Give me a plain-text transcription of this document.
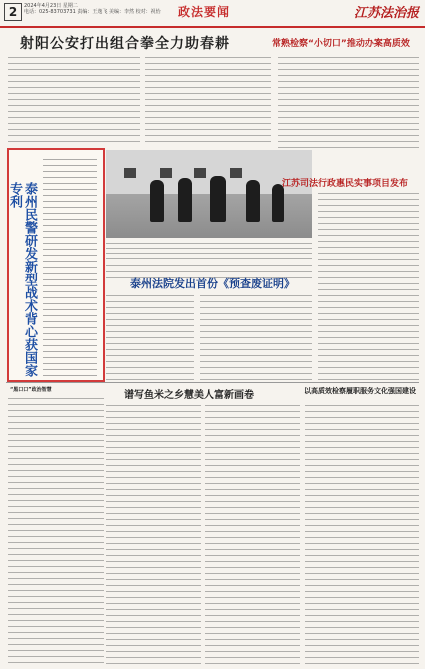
2	2024年4月23日 星期二
电话：025-83703731 责编：王逸飞 美编：李然 校对：祝怡	政法要闻	江苏法治报
射阳公安打出组合拳全力助春耕	常熟检察“小切口”推动办案高质效
泰州民警研发新型战术背心获国家专利	江苏司法行政惠民实事项目发布
泰州法院发出首份《预查废证明》
“黑口口”政治智慧	谱写鱼米之乡慧美人富新画卷	以高质效检察履职服务文化强国建设
